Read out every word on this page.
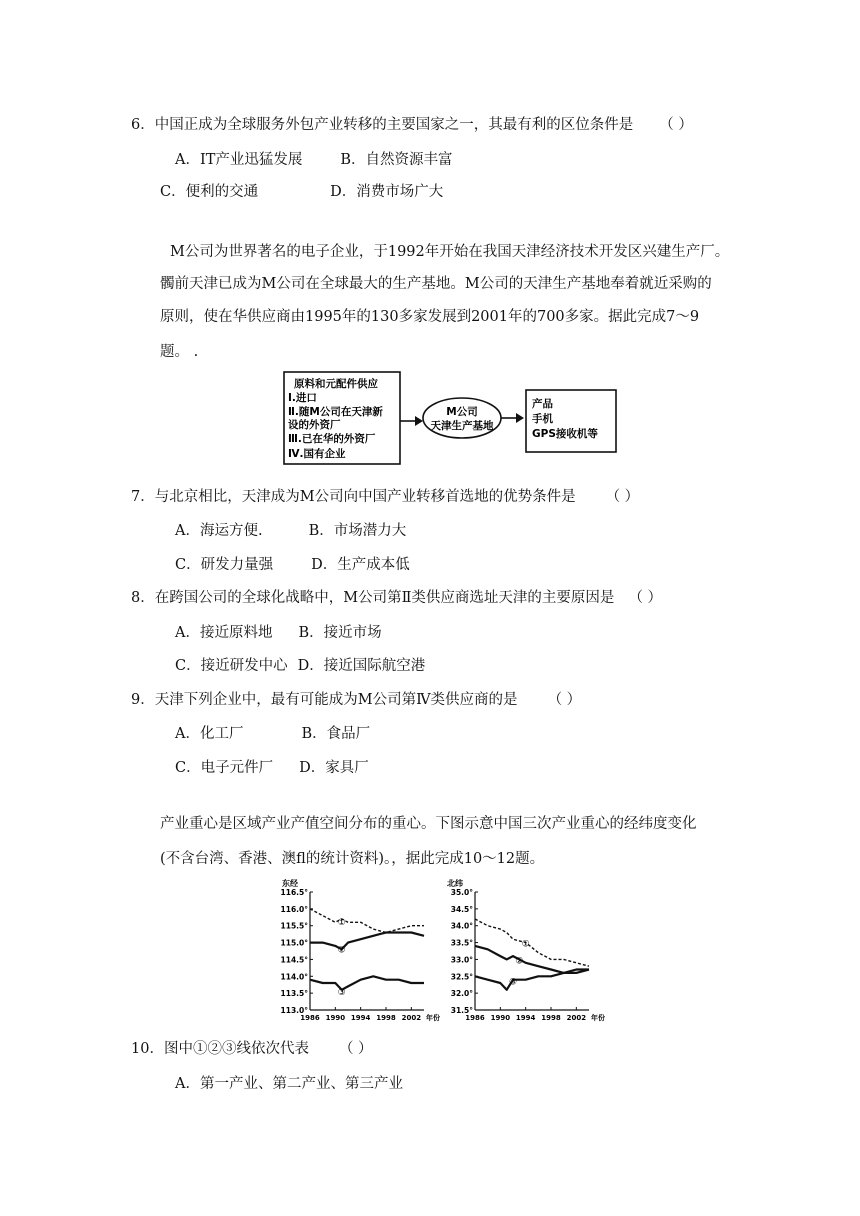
6．中国正成为全球服务外包产业转移的主要国家之一，其最有利的区位条件是 （ ）
A．IT产业迅猛发展	B．自然资源丰富
C．便利的交通	D．消费市场广大
M公司为世界著名的电子企业，于1992年开始在我国天津经济技术开发区兴建生产厂。
髑前天津已成为M公司在全球最大的生产基地。M公司的天津生产基地奉着就近采购的
原则，使在华供应商由1995年的130多家发展到2001年的700多家。据此完成7～9
题。 .
原料和元配件供应
Ⅰ.进口
Ⅱ.随M公司在天津新
设的外资厂
Ⅲ.已在华的外资厂
Ⅳ.国有企业
M公司
天津生产基地
产品
手机
GPS接收机等
7．与北京相比，天津成为M公司向中国产业转移首选地的优势条件是 （ ）
A．海运方便.	B．市场潜力大
C．研发力量强	D．生产成本低
8．在跨国公司的全球化战略中，M公司第Ⅱ类供应商选址天津的主要原因是 （ ）
A．接近原料地 B．接近市场
C．接近研发中心 D．接近国际航空港
9．天津下列企业中，最有可能成为M公司第Ⅳ类供应商的是 （ ）
A．化工厂	B．食品厂
C．电子元件厂 D．家具厂
产业重心是区域产业产值空间分布的重心。下图示意中国三次产业重心的经纬度变化
(不含台湾、香港、澳fl的统计资料)。，据此完成10～12题。
东经
116.5°
116.0°
115.5°
115.0°
114.5°
114.0°
113.5°
113.0°
1986 1990 1994 1998 2002 年份
①
②
③
北纬
35.0°
34.5°
34.0°
33.5°
33.0°
32.5°
32.0°
31.5°
1986 1990 1994 1998 2002 年份
①
②
③
10．图中①②③线依次代表 （ ）
A．第一产业、第二产业、第三产业
